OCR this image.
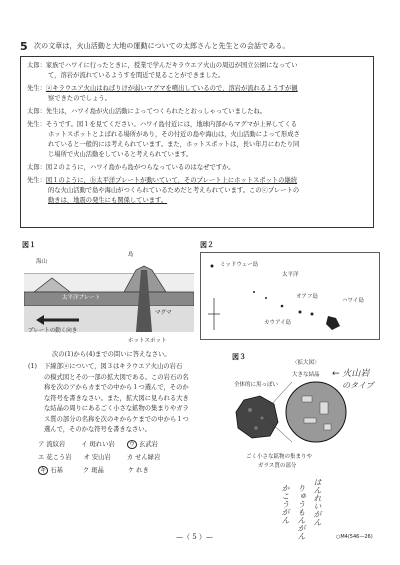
5 次の文章は，火山活動と大地の運動についての太郎さんと先生との会話である。
太郎：家族でハワイに行ったときに，授業で学んだキラウエア火山の周辺が国立公園になってい
て，溶岩が流れているようすを間近で見ることができました。
先生：ⓐキラウエア火山はねばりけが弱いマグマを噴出しているので，溶岩が流れるようすが観
察できたのでしょう。
太郎：先生は，ハワイ島が火山活動によってつくられたとおっしゃっていましたね。
先生：そうです。図１を見てください。ハワイ島付近には，地球内部からマグマが上昇してくる
ホットスポットとよばれる場所があり，その付近の島や海山は，火山活動によって形成さ
れていると一般的には考えられています。また，ホットスポットは，長い年月にわたり同
じ場所で火山活動をしていると考えられています。
太郎：図２のように，ハワイ島から島がつらなっているのはなぜですか。
先生：図１のように，ⓑ太平洋プレートが動いていて，そのプレート上にホットスポットの継続
的な火山活動で島や海山がつくられているためだと考えられています。このⓒプレートの
動きは，地震の発生にも関係しています。
図１
海山
島
太平洋プレート
マグマ
プレートの動く向き
ホットスポット
図２
ミッドウェー島
太平洋
オアフ島
ハワイ島
カウアイ島
次の(1)から(4)までの問いに答えなさい。
(1) 下線部ⓐについて，図３はキラウエア火山の岩石
の模式図とその一部の拡大図である。この岩石の名
称を次のアからカまでの中から１つ選んで，そのか
な符号を書きなさい。また，拡大図に見られる大き
な結晶の周りにあるごく小さな鉱物の集まりやガラ
ス質の部分の名称を次のキからケまでの中から１つ
選んで，そのかな符号を書きなさい。
ア 流紋岩	イ 斑れい岩 ウ 玄武岩
エ 花こう岩 オ 安山岩	カ せん緑岩
キ 石基	ク 斑晶	ケ れき
図３
〈拡大図〉
大きな結晶
全体的に黒っぽい
ごく小さな鉱物の集まりや
ガラス質の部分
← 火山岩
のタイプ
はんれいがん
りゅうもんがん
かこうがん
—（ 5 ）—	○M4(546—26)
